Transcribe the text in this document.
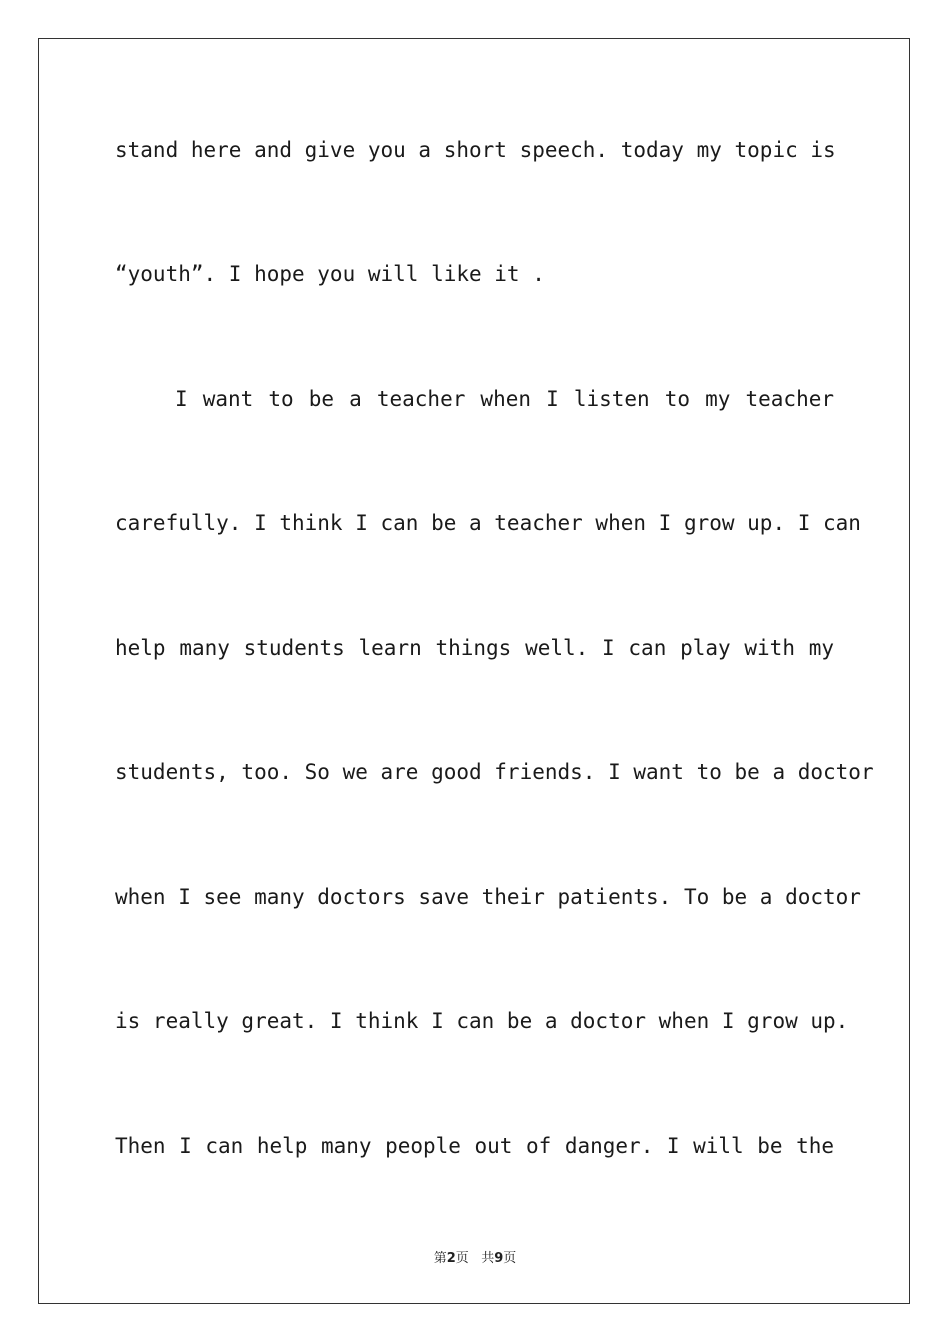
stand here and give you a short speech. today my topic is
“youth”. I hope you will like it .
I want to be a teacher when I listen to my teacher
carefully. I think I can be a teacher when I grow up. I can
help many students learn things well. I can play with my
students, too. So we are good friends. I want to be a doctor
when I see many doctors save their patients. To be a doctor
is really great. I think I can be a doctor when I grow up.
Then I can help many people out of danger. I will be the
第2页 共9页
